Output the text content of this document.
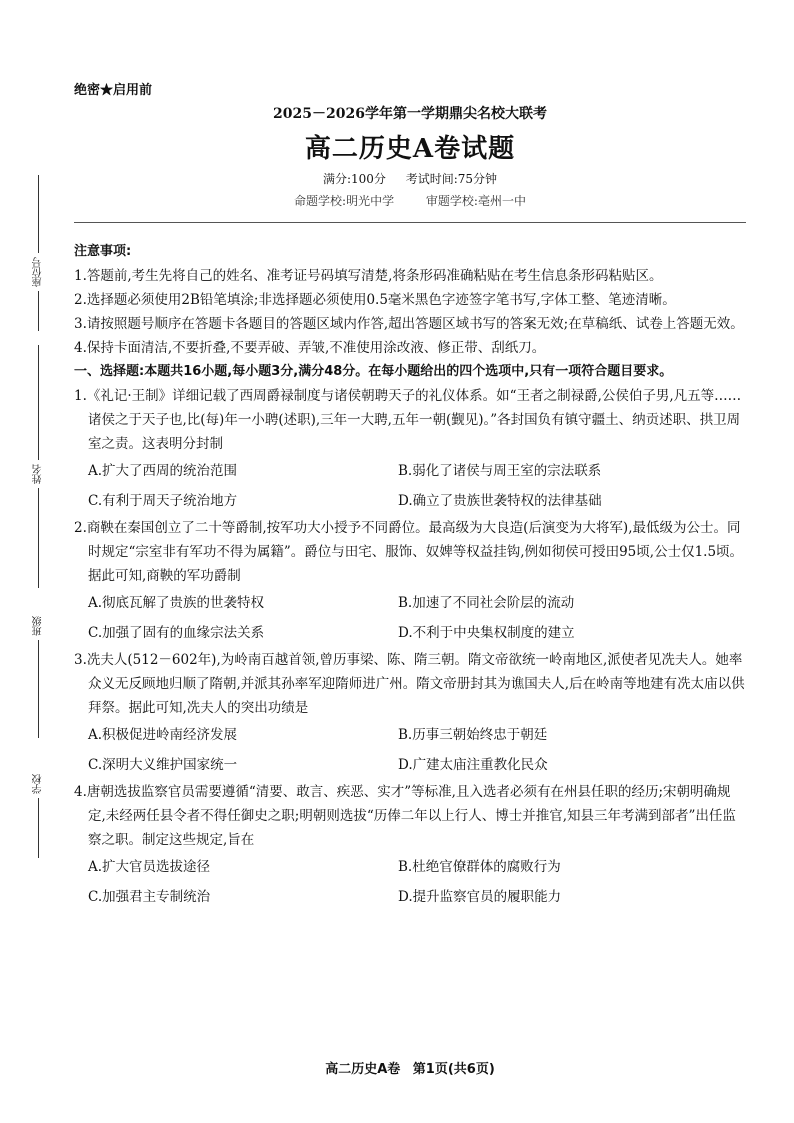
座位号
姓名
班级
学校
绝密★启用前
2025－2026学年第一学期鼎尖名校大联考
高二历史A卷试题
满分:100分 考试时间:75分钟
命题学校:明光中学	审题学校:亳州一中
注意事项:

1.答题前,考生先将自己的姓名、准考证号码填写清楚,将条形码准确粘贴在考生信息条形码粘贴区。

2.选择题必须使用2B铅笔填涂;非选择题必须使用0.5毫米黑色字迹签字笔书写,字体工整、笔迹清晰。

3.请按照题号顺序在答题卡各题目的答题区域内作答,超出答题区域书写的答案无效;在草稿纸、试卷上答题无效。

4.保持卡面清洁,不要折叠,不要弄破、弄皱,不准使用涂改液、修正带、刮纸刀。

一、选择题:本题共16小题,每小题3分,满分48分。在每小题给出的四个选项中,只有一项符合题目要求。

1.《礼记·王制》详细记载了西周爵禄制度与诸侯朝聘天子的礼仪体系。如“王者之制禄爵,公侯伯子男,凡五等……诸侯之于天子也,比(每)年一小聘(述职),三年一大聘,五年一朝(觐见)。”各封国负有镇守疆土、纳贡述职、拱卫周室之责。这表明分封制

A.扩大了西周的统治范围	B.弱化了诸侯与周王室的宗法联系
C.有利于周天子统治地方	D.确立了贵族世袭特权的法律基础

2.商鞅在秦国创立了二十等爵制,按军功大小授予不同爵位。最高级为大良造(后演变为大将军),最低级为公士。同时规定“宗室非有军功不得为属籍”。爵位与田宅、服饰、奴婢等权益挂钩,例如彻侯可授田95顷,公士仅1.5顷。据此可知,商鞅的军功爵制

A.彻底瓦解了贵族的世袭特权	B.加速了不同社会阶层的流动
C.加强了固有的血缘宗法关系	D.不利于中央集权制度的建立

3.冼夫人(512－602年),为岭南百越首领,曾历事梁、陈、隋三朝。隋文帝欲统一岭南地区,派使者见冼夫人。她率众义无反顾地归顺了隋朝,并派其孙率军迎隋师进广州。隋文帝册封其为谯国夫人,后在岭南等地建有冼太庙以供拜祭。据此可知,冼夫人的突出功绩是

A.积极促进岭南经济发展	B.历事三朝始终忠于朝廷
C.深明大义维护国家统一	D.广建太庙注重教化民众

4.唐朝选拔监察官员需要遵循“清要、敢言、疾恶、实才”等标准,且入选者必须有在州县任职的经历;宋朝明确规定,未经两任县令者不得任御史之职;明朝则选拔“历俸二年以上行人、博士并推官,知县三年考满到部者”出任监察之职。制定这些规定,旨在

A.扩大官员选拔途径	B.杜绝官僚群体的腐败行为
C.加强君主专制统治	D.提升监察官员的履职能力
高二历史A卷 第1页(共6页)
